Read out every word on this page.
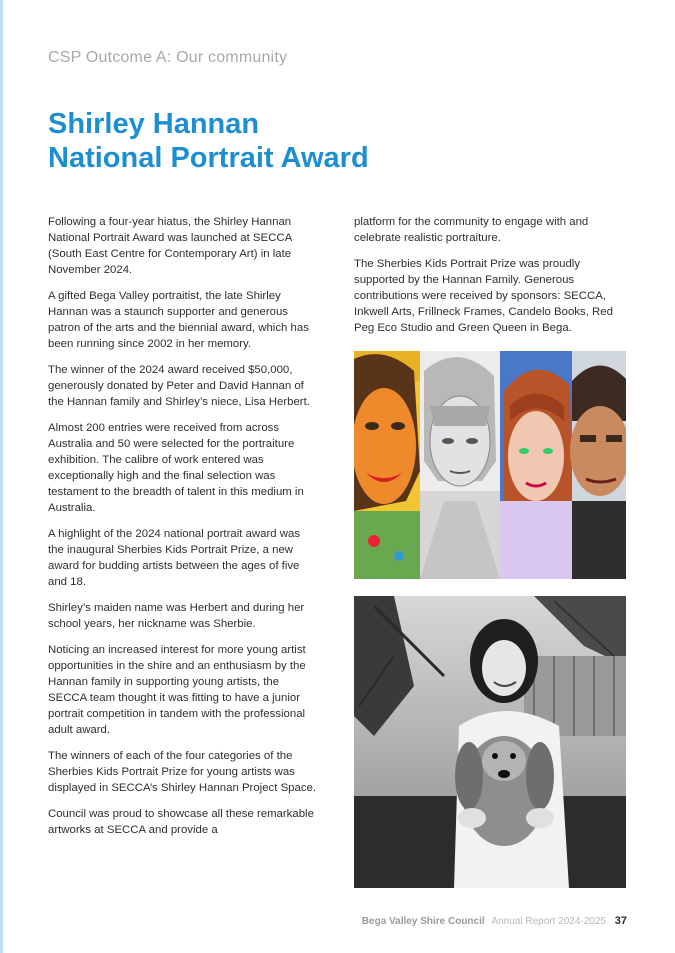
CSP Outcome A: Our community
Shirley Hannan
National Portrait Award

Following a four-year hiatus, the Shirley Hannan National Portrait Award was launched at SECCA (South East Centre for Contemporary Art) in late November 2024.

A gifted Bega Valley portraitist, the late Shirley Hannan was a staunch supporter and generous patron of the arts and the biennial award, which has been running since 2002 in her memory.

The winner of the 2024 award received $50,000, generously donated by Peter and David Hannan of the Hannan family and Shirley’s niece, Lisa Herbert.

Almost 200 entries were received from across Australia and 50 were selected for the portraiture exhibition. The calibre of work entered was exceptionally high and the final selection was testament to the breadth of talent in this medium in Australia.

A highlight of the 2024 national portrait award was the inaugural Sherbies Kids Portrait Prize, a new award for budding artists between the ages of five and 18.

Shirley’s maiden name was Herbert and during her school years, her nickname was Sherbie.

Noticing an increased interest for more young artist opportunities in the shire and an enthusiasm by the Hannan family in supporting young artists, the SECCA team thought it was fitting to have a junior portrait competition in tandem with the professional adult award.

The winners of each of the four categories of the Sherbies Kids Portrait Prize for young artists was displayed in SECCA’s Shirley Hannan Project Space.

Council was proud to showcase all these remarkable artworks at SECCA and provide a

platform for the community to engage with and celebrate realistic portraiture.

The Sherbies Kids Portrait Prize was proudly supported by the Hannan Family. Generous contributions were received by sponsors: SECCA, Inkwell Arts, Frillneck Frames, Candelo Books, Red Peg Eco Studio and Green Queen in Bega.

Bega Valley Shire Council Annual Report 2024-2025 37
